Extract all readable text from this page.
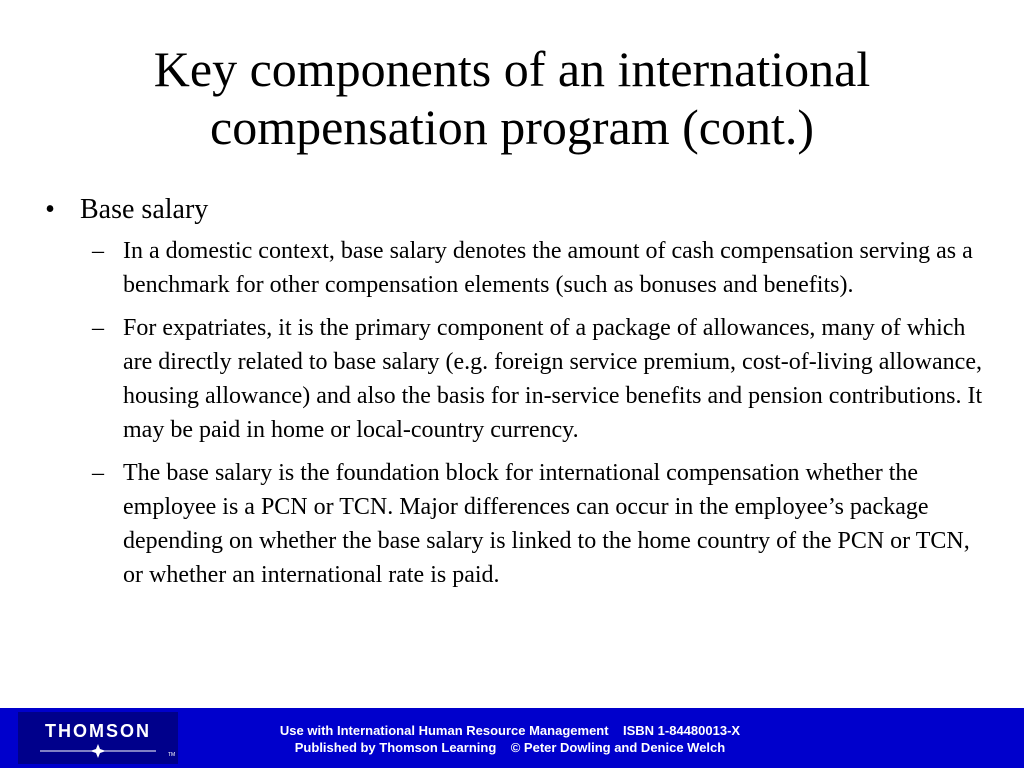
Key components of an international
compensation program (cont.)
• Base salary
– In a domestic context, base salary denotes the amount of cash compensation serving as a benchmark for other compensation elements (such as bonuses and benefits).
– For expatriates, it is the primary component of a package of allowances, many of which are directly related to base salary (e.g. foreign service premium, cost-of-living allowance, housing allowance) and also the basis for in-service benefits and pension contributions. It may be paid in home or local-country currency.
– The base salary is the foundation block for international compensation whether the employee is a PCN or TCN. Major differences can occur in the employee’s package depending on whether the base salary is linked to the home country of the PCN or TCN, or whether an international rate is paid.
THOMSON
TM
Use with International Human Resource Management    ISBN 1-84480013-X
Published by Thomson Learning    © Peter Dowling and Denice Welch
